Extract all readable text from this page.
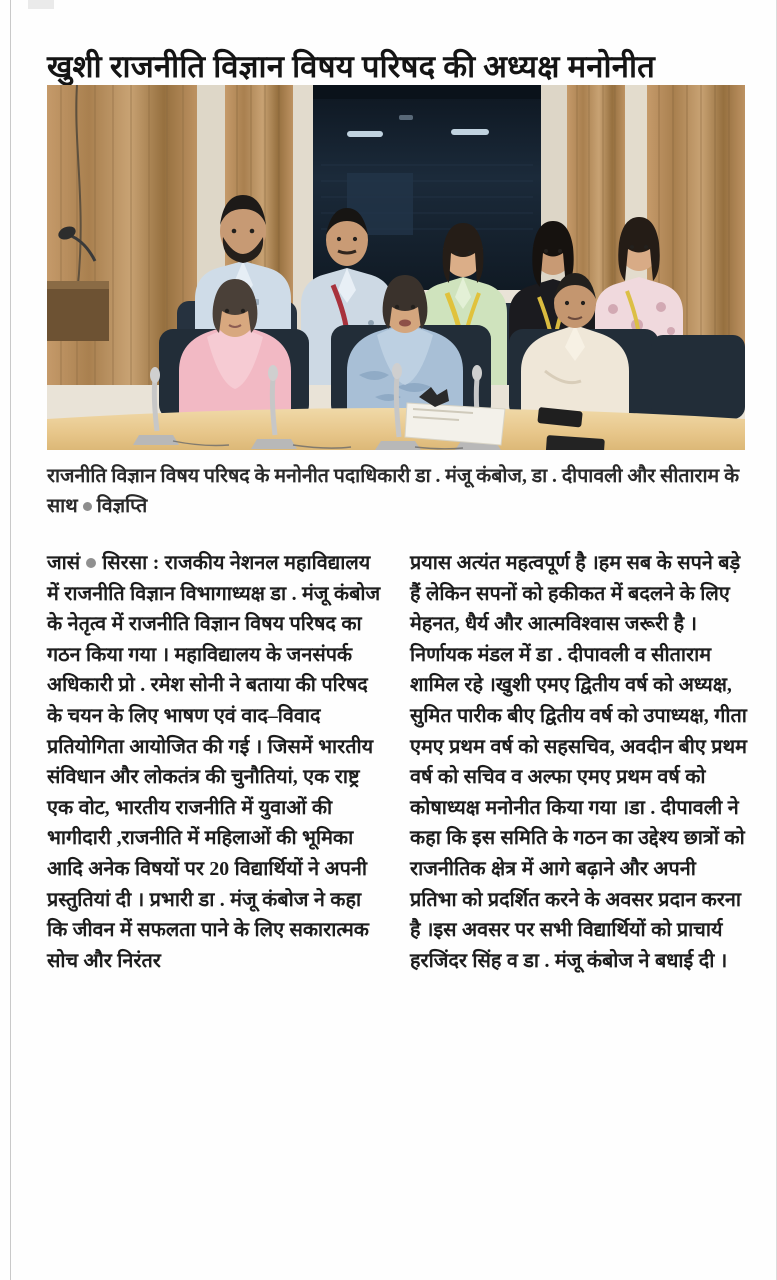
खुशी राजनीति विज्ञान विषय परिषद की अध्यक्ष मनोनीत
राजनीति विज्ञान विषय परिषद के मनोनीत पदाधिकारी डा . मंजू कंबोज, डा . दीपावली और सीताराम के साथ विज्ञप्ति

जासं सिरसा : राजकीय नेशनल महाविद्यालय में राजनीति विज्ञान विभागाध्यक्ष डा . मंजू कंबोज के नेतृत्व में राजनीति विज्ञान विषय परिषद का गठन किया गया । महाविद्यालय के जनसंपर्क अधिकारी प्रो . रमेश सोनी ने बताया की परिषद के चयन के लिए भाषण एवं वाद–विवाद प्रतियोगिता आयोजित की गई । जिसमें भारतीय संविधान और लोकतंत्र की चुनौतियां, एक राष्ट्र एक वोट, भारतीय राजनीति में युवाओं की भागीदारी ,राजनीति में महिलाओं की भूमिका आदि अनेक विषयों पर 20 विद्यार्थियों ने अपनी प्रस्तुतियां दी । प्रभारी डा . मंजू कंबोज ने कहा कि जीवन में सफलता पाने के लिए सकारात्मक सोच और निरंतर

प्रयास अत्यंत महत्वपूर्ण है ।हम सब के सपने बड़े हैं लेकिन सपनों को हकीकत में बदलने के लिए मेहनत, धैर्य और आत्मविश्वास जरूरी है । निर्णायक मंडल में डा . दीपावली व सीताराम शामिल रहे ।खुशी एमए द्वितीय वर्ष को अध्यक्ष, सुमित पारीक बीए द्वितीय वर्ष को उपाध्यक्ष, गीता एमए प्रथम वर्ष को सहसचिव, अवदीन बीए प्रथम वर्ष को सचिव व अल्फा एमए प्रथम वर्ष को कोषाध्यक्ष मनोनीत किया गया ।डा . दीपावली ने कहा कि इस समिति के गठन का उद्देश्य छात्रों को राजनीतिक क्षेत्र में आगे बढ़ाने और अपनी प्रतिभा को प्रदर्शित करने के अवसर प्रदान करना है ।इस अवसर पर सभी विद्यार्थियों को प्राचार्य हरजिंदर सिंह व डा . मंजू कंबोज ने बधाई दी ।
